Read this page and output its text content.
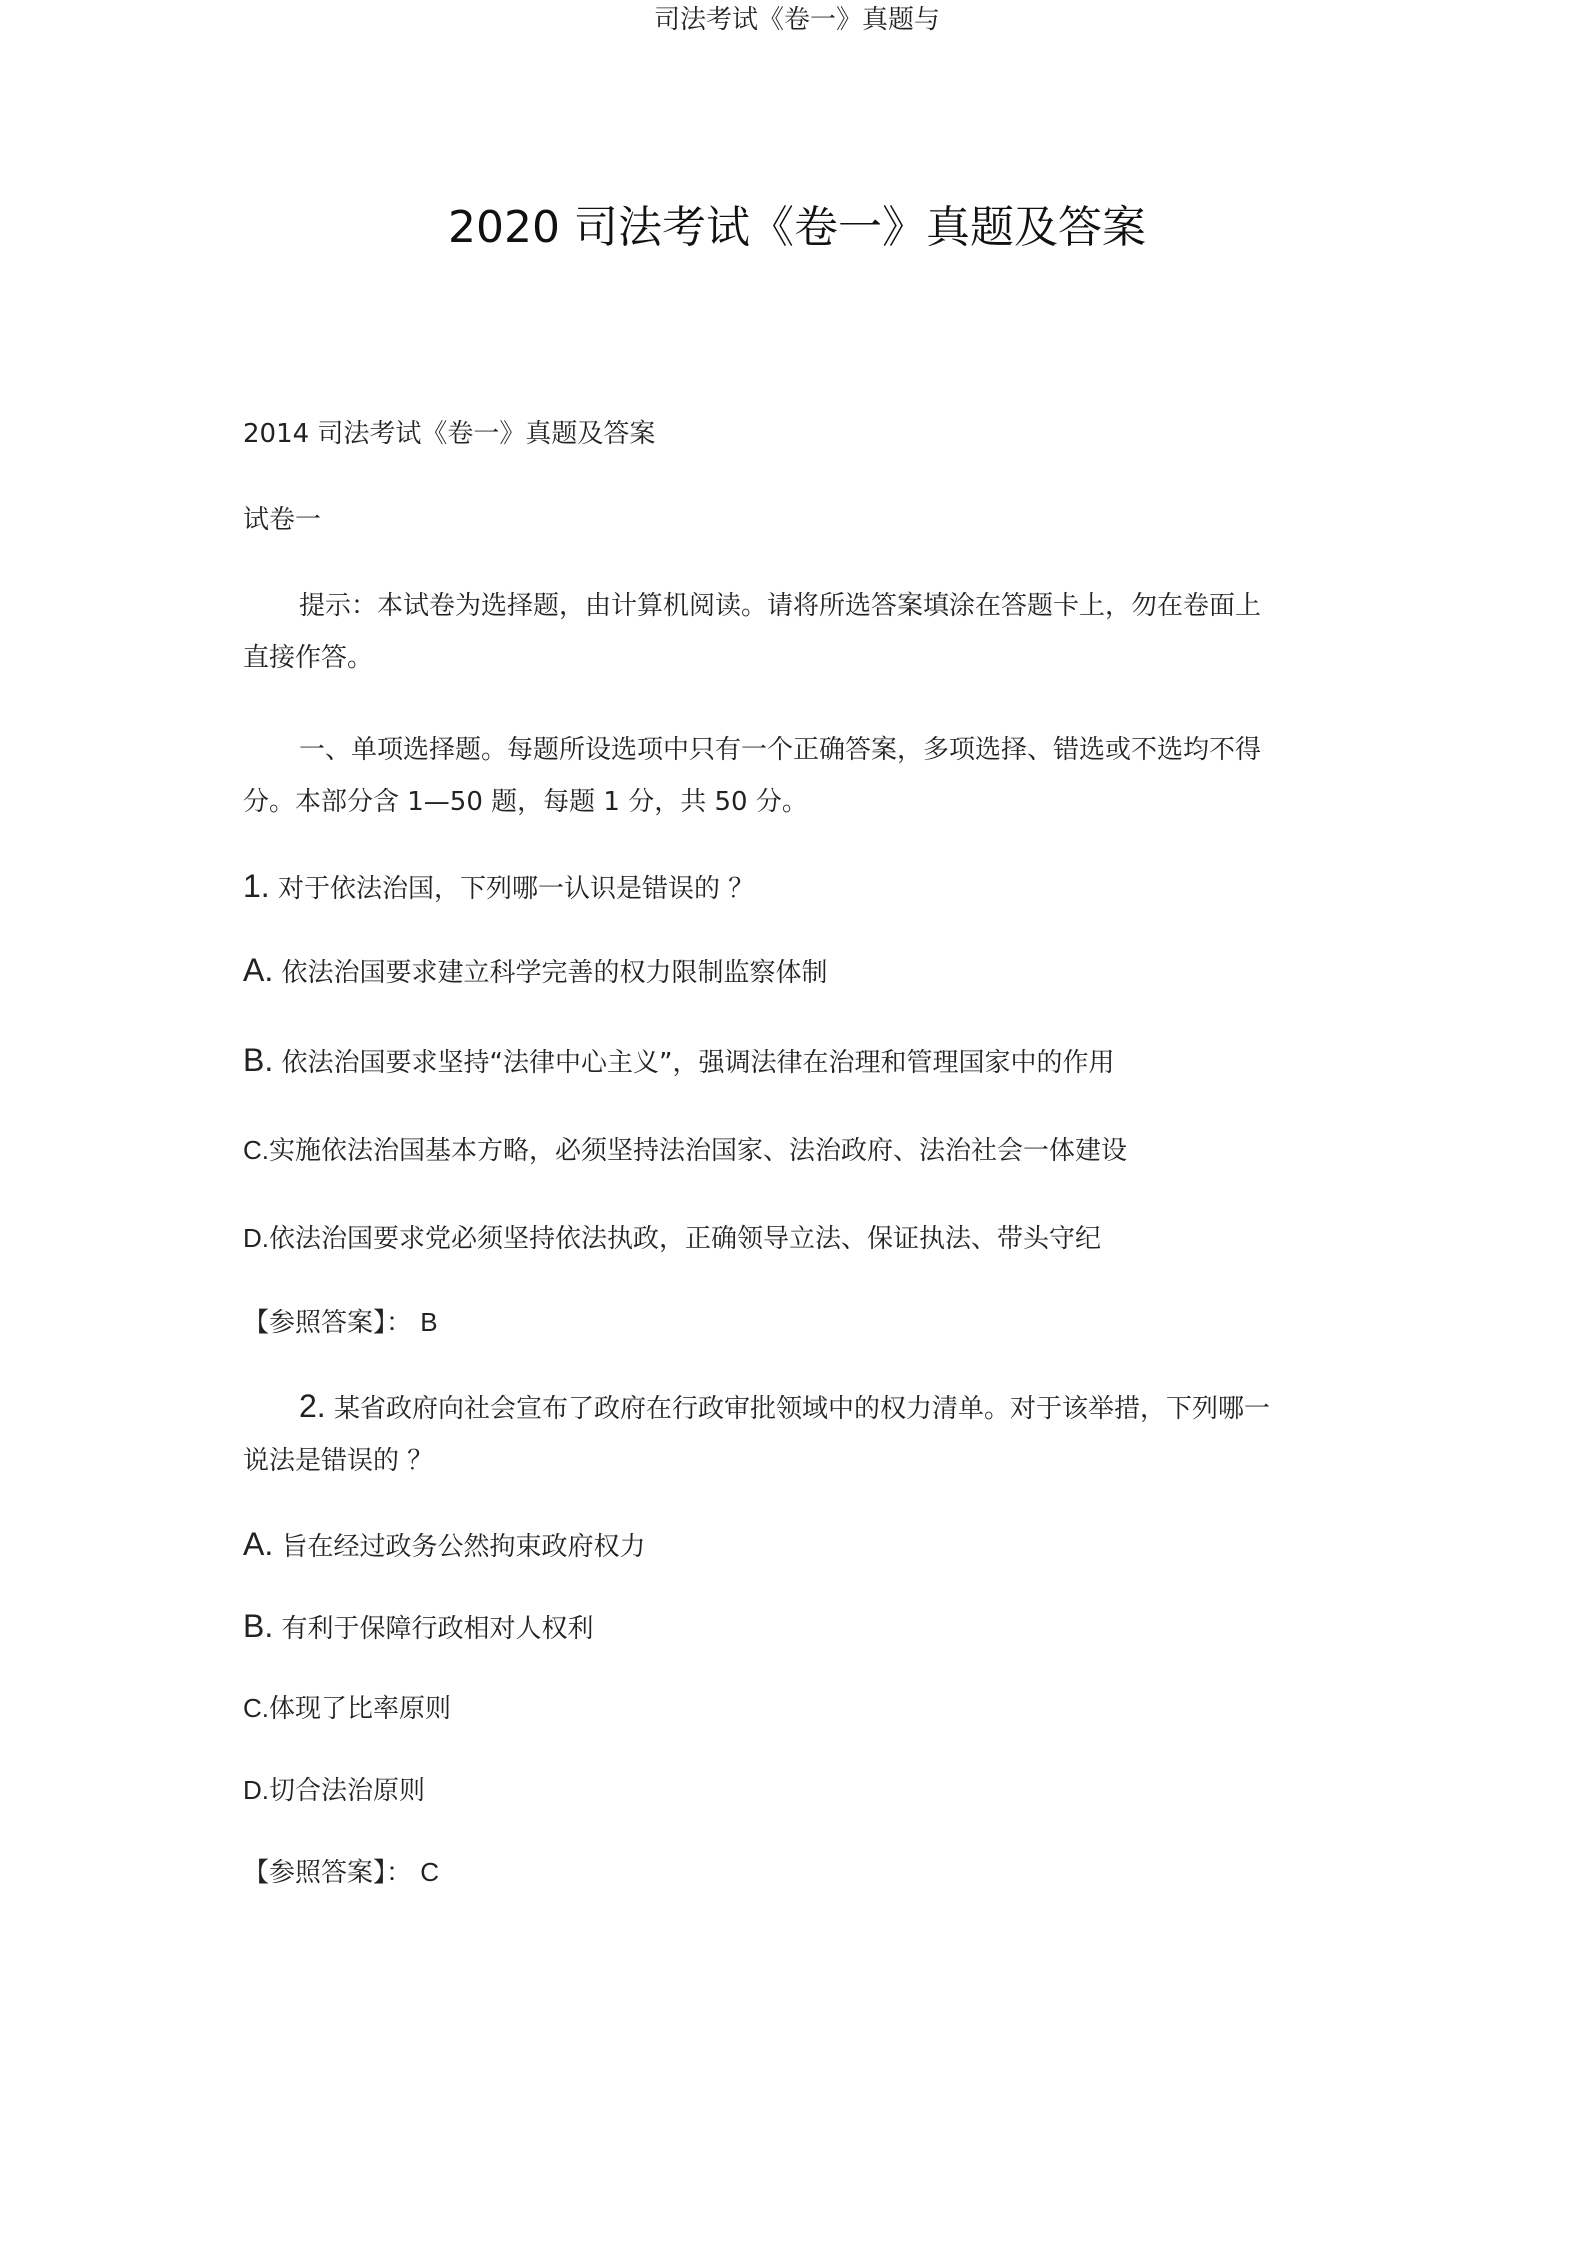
司法考试《卷一》真题与
2020 司法考试《卷一》真题及答案

2014 司法考试《卷一》真题及答案

试卷一

提示：本试卷为选择题，由计算机阅读。请将所选答案填涂在答题卡上，勿在卷面上直接作答。

一、单项选择题。每题所设选项中只有一个正确答案，多项选择、错选或不选均不得分。本部分含 1—50 题，每题 1 分，共 50 分。

1. 对于依法治国，下列哪一认识是错误的 ？
A. 依法治国要求建立科学完善的权力限制监察体制
B. 依法治国要求坚持“法律中心主义”，强调法律在治理和管理国家中的作用
C.实施依法治国基本方略，必须坚持法治国家、法治政府、法治社会一体建设
D.依法治国要求党必须坚持依法执政，正确领导立法、保证执法、带头守纪
【参照答案】： B
2. 某省政府向社会宣布了政府在行政审批领域中的权力清单。对于该举措，下列哪一说法是错误的 ？
A. 旨在经过政务公然拘束政府权力
B. 有利于保障行政相对人权利
C.体现了比率原则
D.切合法治原则
【参照答案】： C
